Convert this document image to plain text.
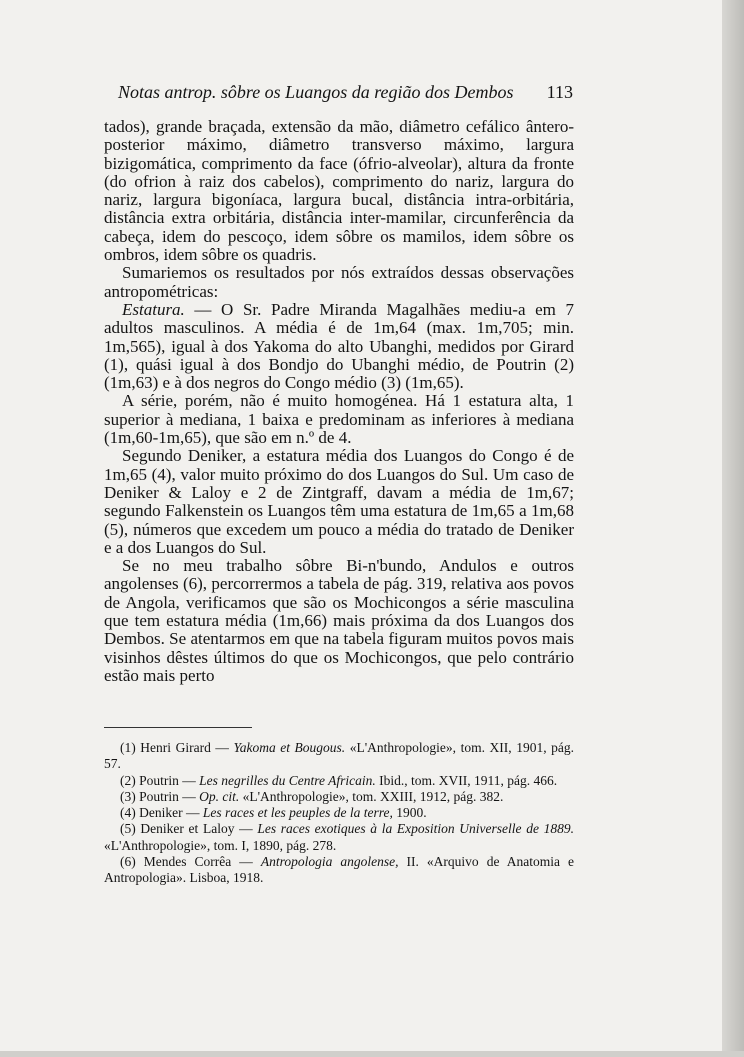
Notas antrop. sôbre os Luangos da região dos Dembos 113

tados), grande braçada, extensão da mão, diâmetro cefálico ântero-posterior máximo, diâmetro transverso máximo, largura bizigomática, comprimento da face (ófrio-alveolar), altura da fronte (do ofrion à raiz dos cabelos), comprimento do nariz, largura do nariz, largura bigoníaca, largura bucal, distância intra-orbitária, distância extra orbitária, distância inter-mamilar, circunferência da cabeça, idem do pescoço, idem sôbre os mamilos, idem sôbre os ombros, idem sôbre os quadris.

Sumariemos os resultados por nós extraídos dessas observações antropométricas:

Estatura. — O Sr. Padre Miranda Magalhães mediu-a em 7 adultos masculinos. A média é de 1m,64 (max. 1m,705; min. 1m,565), igual à dos Yakoma do alto Ubanghi, medidos por Girard (1), quási igual à dos Bondjo do Ubanghi médio, de Poutrin (2) (1m,63) e à dos negros do Congo médio (3) (1m,65).

A série, porém, não é muito homogénea. Há 1 estatura alta, 1 superior à mediana, 1 baixa e predominam as inferiores à mediana (1m,60-1m,65), que são em n.º de 4.

Segundo Deniker, a estatura média dos Luangos do Congo é de 1m,65 (4), valor muito próximo do dos Luangos do Sul. Um caso de Deniker & Laloy e 2 de Zintgraff, davam a média de 1m,67; segundo Falkenstein os Luangos têm uma estatura de 1m,65 a 1m,68 (5), números que excedem um pouco a média do tratado de Deniker e a dos Luangos do Sul.

Se no meu trabalho sôbre Bi-n'bundo, Andulos e outros angolenses (6), percorrermos a tabela de pág. 319, relativa aos povos de Angola, verificamos que são os Mochicongos a série masculina que tem estatura média (1m,66) mais próxima da dos Luangos dos Dembos. Se atentarmos em que na tabela figuram muitos povos mais visinhos dêstes últimos do que os Mochicongos, que pelo contrário estão mais perto

(1) Henri Girard — Yakoma et Bougous. «L'Anthropologie», tom. XII, 1901, pág. 57.

(2) Poutrin — Les negrilles du Centre Africain. Ibid., tom. XVII, 1911, pág. 466.

(3) Poutrin — Op. cit. «L'Anthropologie», tom. XXIII, 1912, pág. 382.

(4) Deniker — Les races et les peuples de la terre, 1900.

(5) Deniker et Laloy — Les races exotiques à la Exposition Universelle de 1889. «L'Anthropologie», tom. I, 1890, pág. 278.

(6) Mendes Corrêa — Antropologia angolense, II. «Arquivo de Anatomia e Antropologia». Lisboa, 1918.
